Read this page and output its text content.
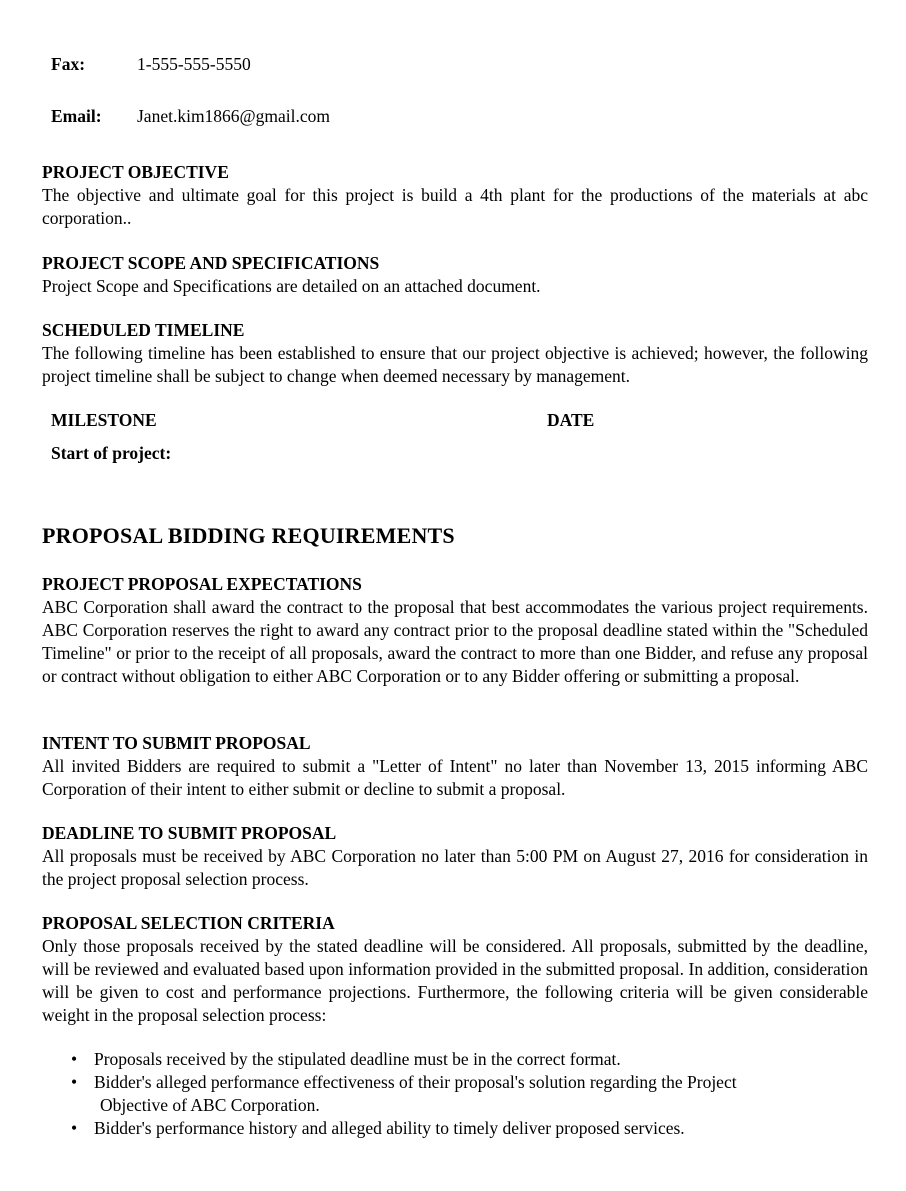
Fax:	1-555-555-5550
Email: Janet.kim1866@gmail.com
PROJECT OBJECTIVE
The objective and ultimate goal for this project is build a 4th plant for the productions of the materials at abc corporation..
PROJECT SCOPE AND SPECIFICATIONS
Project Scope and Specifications are detailed on an attached document.
SCHEDULED TIMELINE
The following timeline has been established to ensure that our project objective is achieved; however, the following project timeline shall be subject to change when deemed necessary by management.
MILESTONE	DATE
Start of project:
PROPOSAL BIDDING REQUIREMENTS
PROJECT PROPOSAL EXPECTATIONS
ABC Corporation shall award the contract to the proposal that best accommodates the various project requirements. ABC Corporation reserves the right to award any contract prior to the proposal deadline stated within the "Scheduled Timeline" or prior to the receipt of all proposals, award the contract to more than one Bidder, and refuse any proposal or contract without obligation to either ABC Corporation or to any Bidder offering or submitting a proposal.
INTENT TO SUBMIT PROPOSAL
All invited Bidders are required to submit a "Letter of Intent" no later than November 13, 2015 informing ABC Corporation of their intent to either submit or decline to submit a proposal.
DEADLINE TO SUBMIT PROPOSAL
All proposals must be received by ABC Corporation no later than 5:00 PM on August 27, 2016 for consideration in the project proposal selection process.
PROPOSAL SELECTION CRITERIA
Only those proposals received by the stated deadline will be considered. All proposals, submitted by the deadline, will be reviewed and evaluated based upon information provided in the submitted proposal. In addition, consideration will be given to cost and performance projections. Furthermore, the following criteria will be given considerable weight in the proposal selection process:
• Proposals received by the stipulated deadline must be in the correct format.
• Bidder's alleged performance effectiveness of their proposal's solution regarding the Project
Objective of ABC Corporation.
• Bidder's performance history and alleged ability to timely deliver proposed services.
